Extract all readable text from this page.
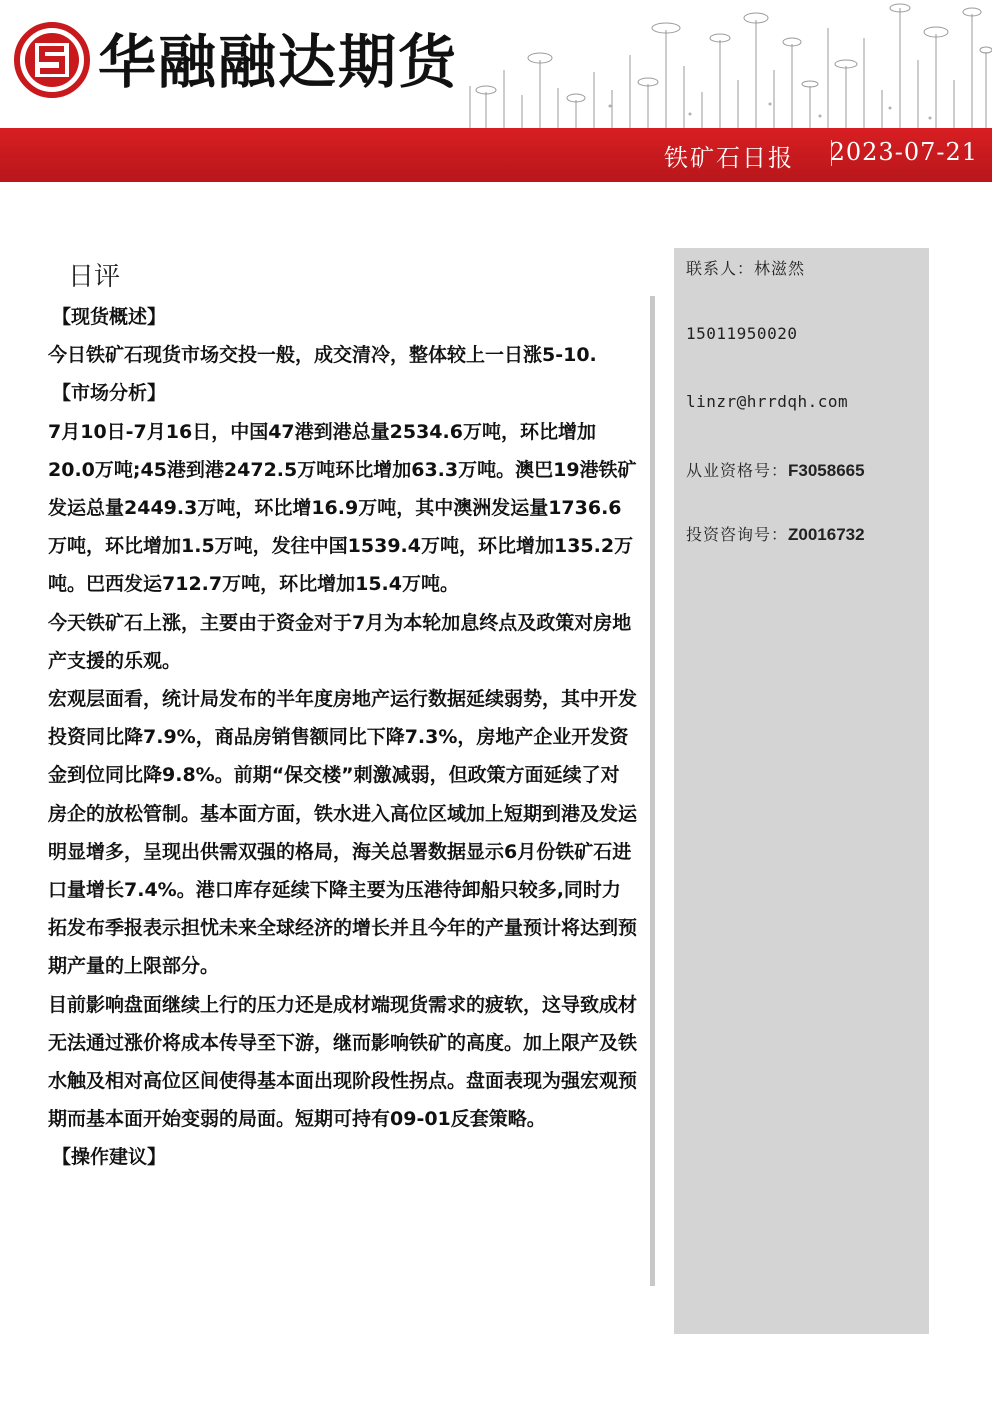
华融融达期货
铁矿石日报 2023-07-21
日评

【现货概述】

今日铁矿石现货市场交投一般，成交清冷，整体较上一日涨5-10.

【市场分析】

7月10日-7月16日，中国47港到港总量2534.6万吨，环比增加20.0万吨;45港到港2472.5万吨环比增加63.3万吨。澳巴19港铁矿发运总量2449.3万吨，环比增16.9万吨，其中澳洲发运量1736.6万吨，环比增加1.5万吨，发往中国1539.4万吨，环比增加135.2万吨。巴西发运712.7万吨，环比增加15.4万吨。

今天铁矿石上涨，主要由于资金对于7月为本轮加息终点及政策对房地产支援的乐观。

宏观层面看，统计局发布的半年度房地产运行数据延续弱势，其中开发投资同比降7.9%，商品房销售额同比下降7.3%，房地产企业开发资金到位同比降9.8%。前期“保交楼”刺激减弱，但政策方面延续了对房企的放松管制。基本面方面，铁水进入高位区域加上短期到港及发运明显增多，呈现出供需双强的格局，海关总署数据显示6月份铁矿石进口量增长7.4%。港口库存延续下降主要为压港待卸船只较多,同时力拓发布季报表示担忧未来全球经济的增长并且今年的产量预计将达到预期产量的上限部分。

目前影响盘面继续上行的压力还是成材端现货需求的疲软，这导致成材无法通过涨价将成本传导至下游，继而影响铁矿的高度。加上限产及铁水触及相对高位区间使得基本面出现阶段性拐点。盘面表现为强宏观预期而基本面开始变弱的局面。短期可持有09-01反套策略。

【操作建议】

联系人：林滋然
15011950020
linzr@hrrdqh.com
从业资格号：F3058665
投资咨询号：Z0016732
